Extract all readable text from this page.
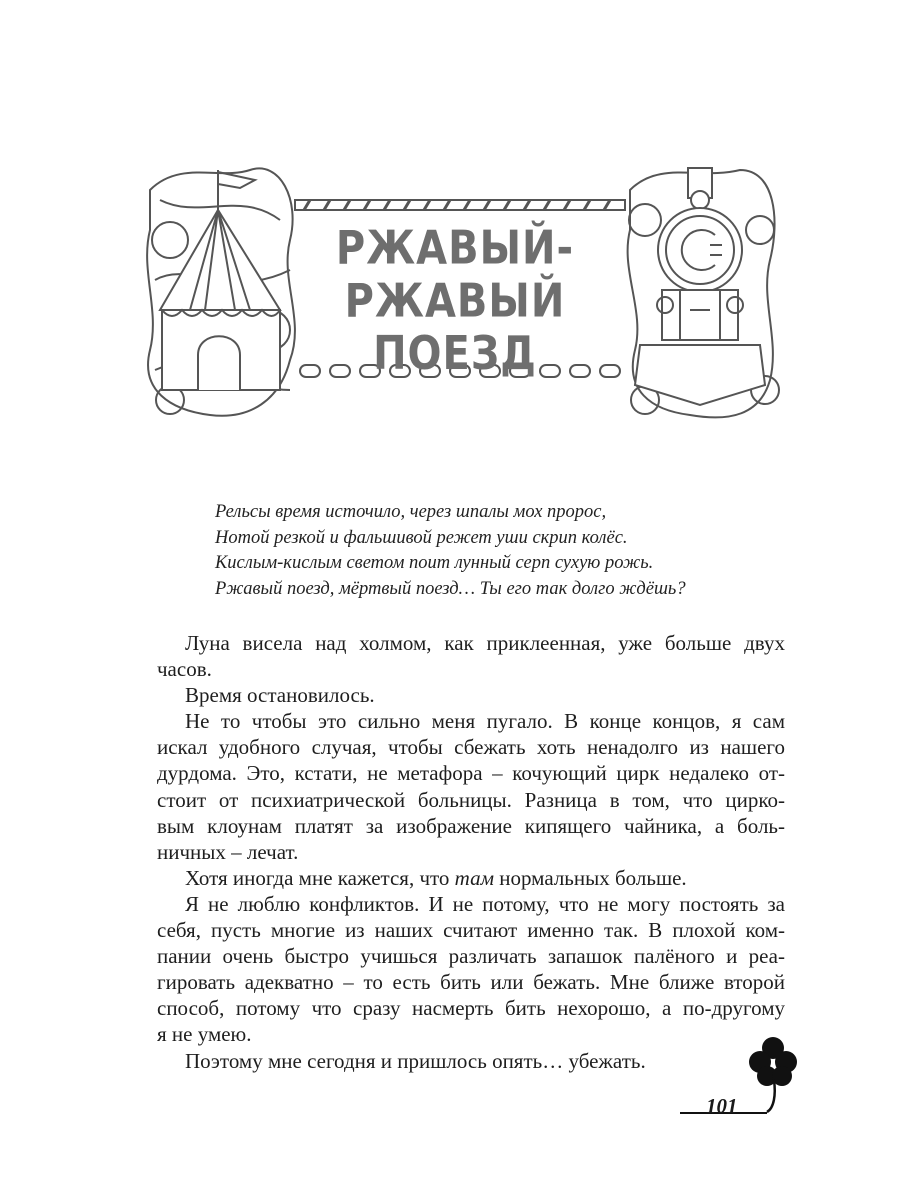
РЖАВЫЙ-
РЖАВЫЙ
ПОЕЗД
Рельсы время источило, через шпалы мох пророс,
Нотой резкой и фальшивой режет уши скрип колёс.
Кислым-кислым светом поит лунный серп сухую рожь.
Ржавый поезд, мёртвый поезд… Ты его так долго ждёшь?
Луна висела над холмом, как приклеенная, уже больше двух
часов.
Время остановилось.
Не то чтобы это сильно меня пугало. В конце концов, я сам
искал удобного случая, чтобы сбежать хоть ненадолго из нашего
дурдома. Это, кстати, не метафора – кочующий цирк недалеко от-
стоит от психиатрической больницы. Разница в том, что цирко-
вым клоунам платят за изображение кипящего чайника, а боль-
ничных – лечат.
Хотя иногда мне кажется, что там нормальных больше.
Я не люблю конфликтов. И не потому, что не могу постоять за
себя, пусть многие из наших считают именно так. В плохой ком-
пании очень быстро учишься различать запашок палёного и реа-
гировать адекватно – то есть бить или бежать. Мне ближе второй
способ, потому что сразу насмерть бить нехорошо, а по-другому
я не умею.
Поэтому мне сегодня и пришлось опять… убежать.
101
